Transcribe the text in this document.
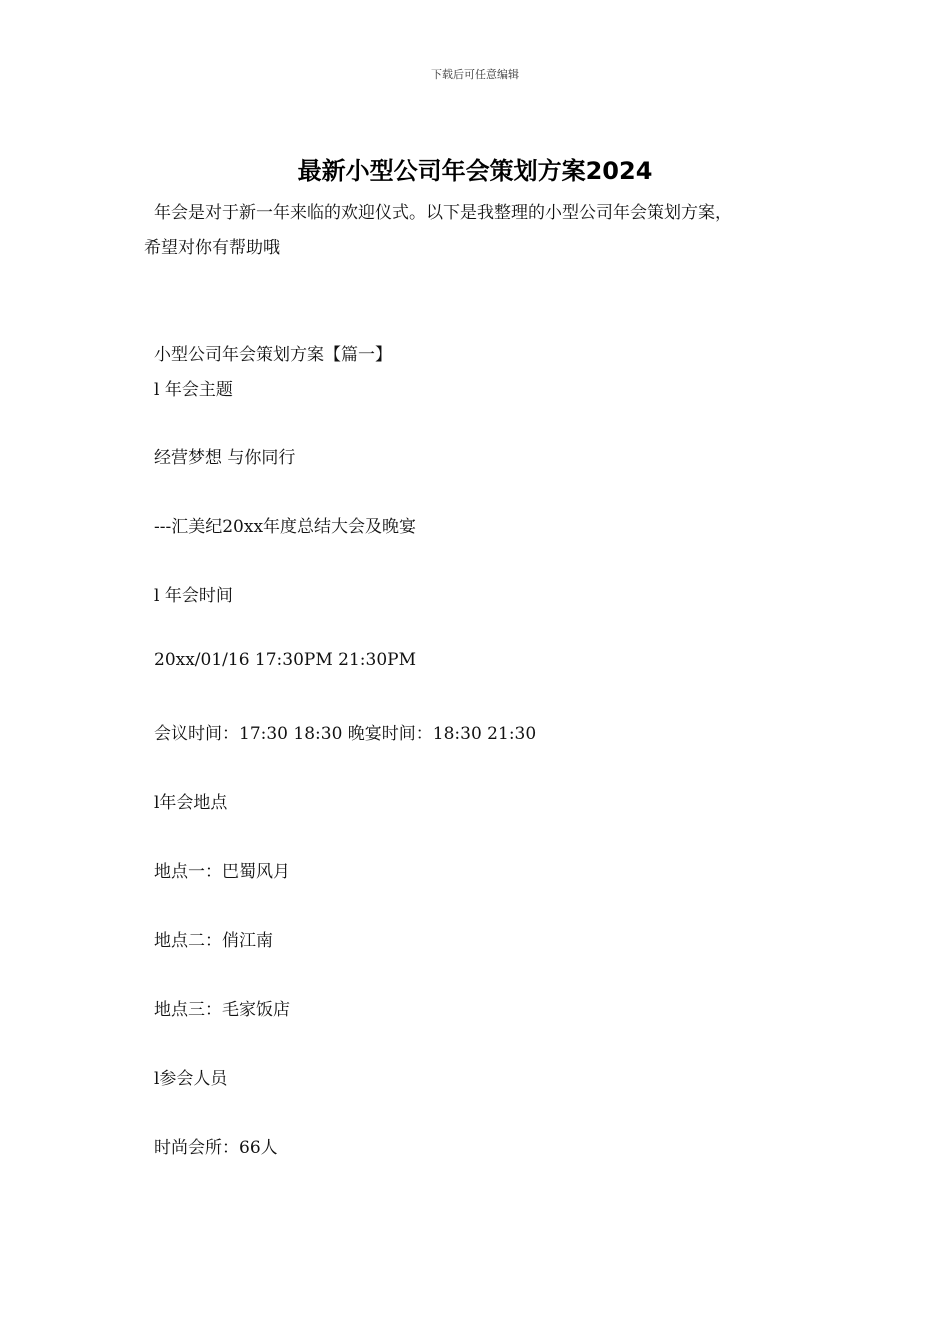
下载后可任意编辑
最新小型公司年会策划方案2024
年会是对于新一年来临的欢迎仪式。以下是我整理的小型公司年会策划方案，
希望对你有帮助哦
小型公司年会策划方案【篇一】
l 年会主题
经营梦想 与你同行
---汇美纪20xx年度总结大会及晚宴
l 年会时间
20xx/01/16 17:30PM 21:30PM
会议时间：17:30 18:30 晚宴时间：18:30 21:30
l年会地点
地点一：巴蜀风月
地点二：俏江南
地点三：毛家饭店
l参会人员
时尚会所：66人
